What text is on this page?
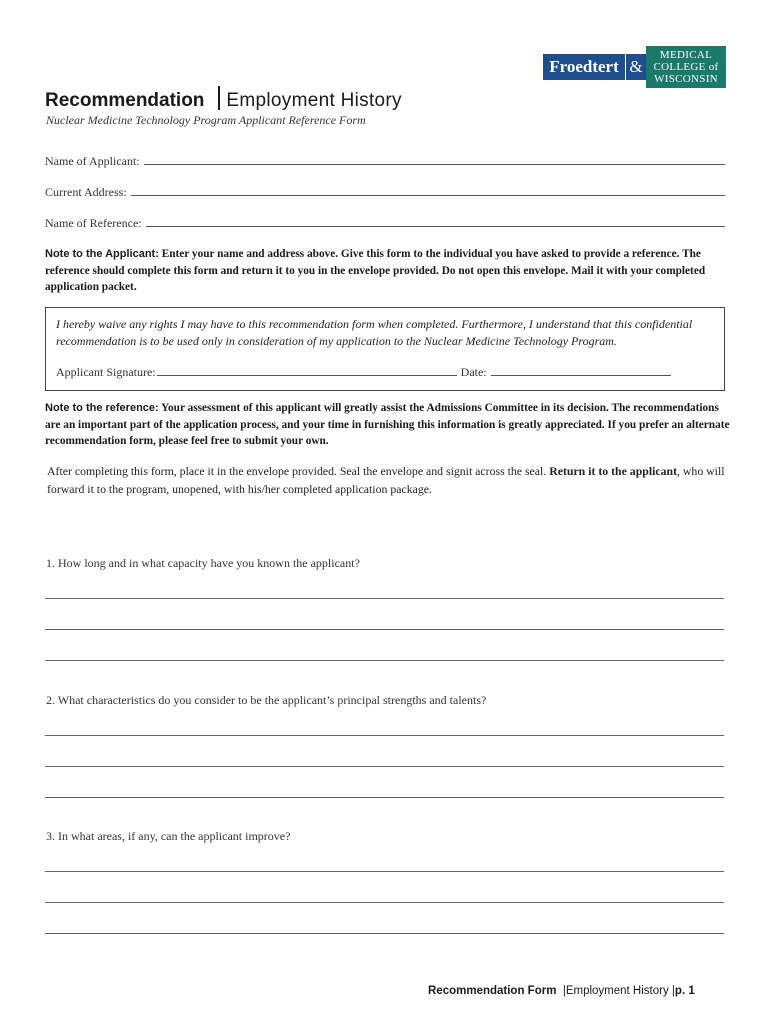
Froedtert &
MEDICAL
COLLEGE of
WISCONSIN
Recommendation Employment History
Nuclear Medicine Technology Program Applicant Reference Form
Name of Applicant:
Current Address:
Name of Reference:
Note to the Applicant: Enter your name and address above. Give this form to the individual you have asked to provide a reference. The reference should complete this form and return it to you in the envelope provided. Do not open this envelope. Mail it with your completed application packet.
I hereby waive any rights I may have to this recommendation form when completed. Furthermore, I understand that this confidential recommendation is to be used only in consideration of my application to the Nuclear Medicine Technology Program.
Applicant Signature:	Date:
Note to the reference: Your assessment of this applicant will greatly assist the Admissions Committee in its decision. The recommendations are an important part of the application process, and your time in furnishing this information is greatly appreciated. If you prefer an alternate recommendation form, please feel free to submit your own.
After completing this form, place it in the envelope provided. Seal the envelope and signit across the seal. Return it to the applicant, who will forward it to the program, unopened, with his/her completed application package.
1. How long and in what capacity have you known the applicant?
2. What characteristics do you consider to be the applicant’s principal strengths and talents?
3. In what areas, if any, can the applicant improve?
Recommendation Form  |Employment History |p. 1
